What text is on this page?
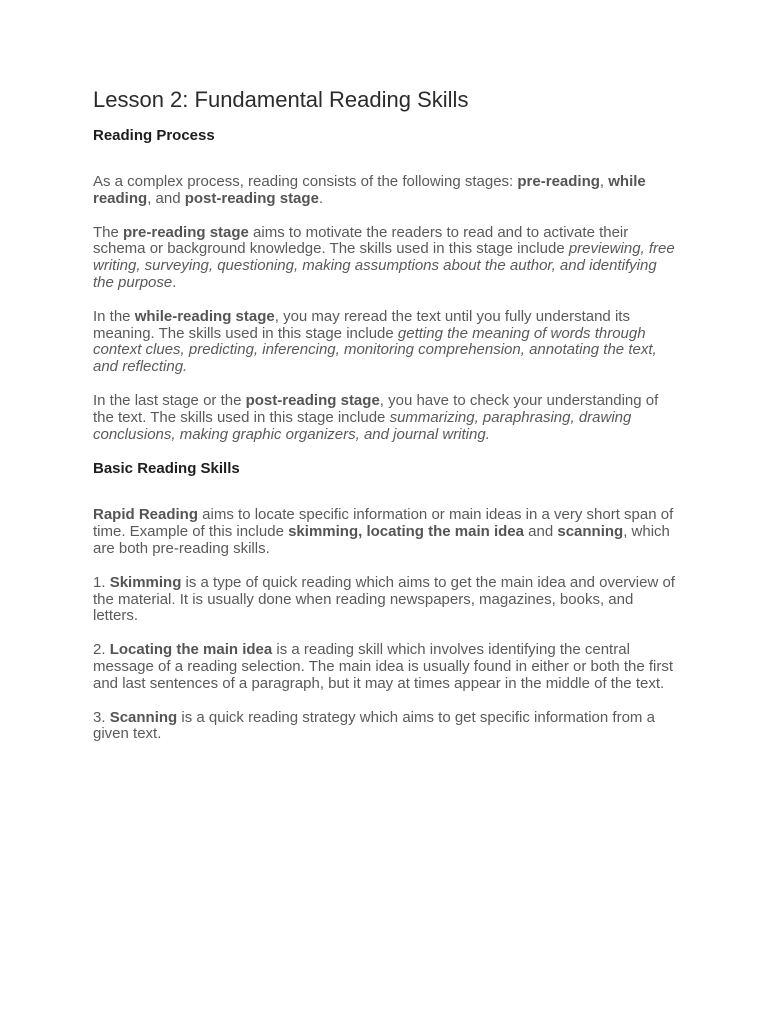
Lesson 2: Fundamental Reading Skills
Reading Process

As a complex process, reading consists of the following stages: pre-reading, while reading, and post-reading stage.

The pre-reading stage aims to motivate the readers to read and to activate their schema or background knowledge. The skills used in this stage include previewing, free writing, surveying, questioning, making assumptions about the author, and identifying the purpose.

In the while-reading stage, you may reread the text until you fully understand its meaning. The skills used in this stage include getting the meaning of words through context clues, predicting, inferencing, monitoring comprehension, annotating the text, and reflecting.

In the last stage or the post-reading stage, you have to check your understanding of the text. The skills used in this stage include summarizing, paraphrasing, drawing conclusions, making graphic organizers, and journal writing.

Basic Reading Skills

Rapid Reading aims to locate specific information or main ideas in a very short span of time. Example of this include skimming, locating the main idea and scanning, which are both pre-reading skills.

1. Skimming is a type of quick reading which aims to get the main idea and overview of the material. It is usually done when reading newspapers, magazines, books, and letters.

2. Locating the main idea is a reading skill which involves identifying the central message of a reading selection. The main idea is usually found in either or both the first and last sentences of a paragraph, but it may at times appear in the middle of the text.

3. Scanning is a quick reading strategy which aims to get specific information from a given text.
